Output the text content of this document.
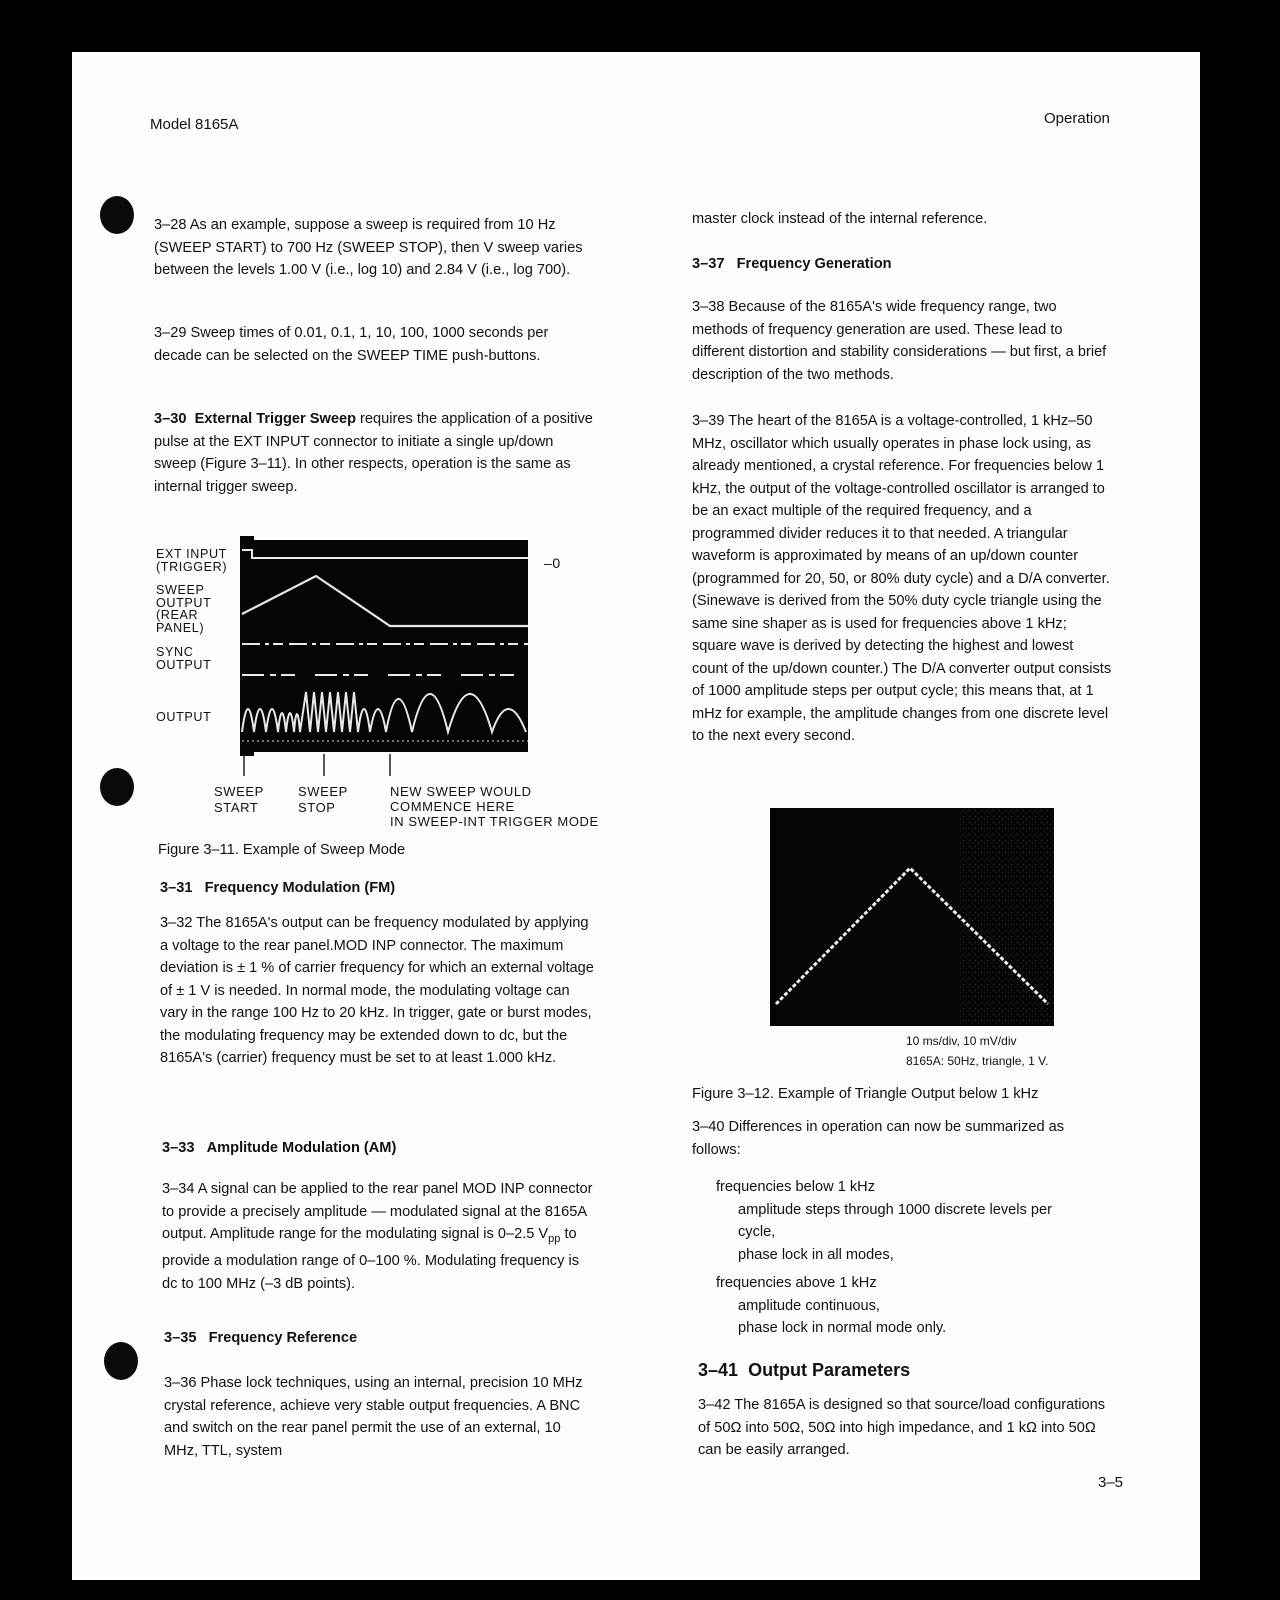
Model 8165A	Operation

3–28 As an example, suppose a sweep is required from 10 Hz (SWEEP START) to 700 Hz (SWEEP STOP), then V sweep varies between the levels 1.00 V (i.e., log 10) and 2.84 V (i.e., log 700).

3–29 Sweep times of 0.01, 0.1, 1, 10, 100, 1000 seconds per decade can be selected on the SWEEP TIME push-buttons.

3–30 External Trigger Sweep requires the application of a positive pulse at the EXT INPUT connector to initiate a single up/down sweep (Figure 3–11). In other respects, operation is the same as internal trigger sweep.

EXT INPUT
(TRIGGER)
SWEEP
OUTPUT
(REAR
PANEL)
SYNC
OUTPUT
OUTPUT
–0
SWEEP
START
SWEEP
STOP
NEW SWEEP WOULD
COMMENCE HERE
IN SWEEP-INT TRIGGER MODE
Figure 3–11. Example of Sweep Mode
3–31 Frequency Modulation (FM)

3–32 The 8165A's output can be frequency modulated by applying a voltage to the rear panel.MOD INP connector. The maximum deviation is ± 1 % of carrier frequency for which an external voltage of ± 1 V is needed. In normal mode, the modulating voltage can vary in the range 100 Hz to 20 kHz. In trigger, gate or burst modes, the modulating frequency may be extended down to dc, but the 8165A's (carrier) frequency must be set to at least 1.000 kHz.

3–33 Amplitude Modulation (AM)

3–34 A signal can be applied to the rear panel MOD INP connector to provide a precisely amplitude — modulated signal at the 8165A output. Amplitude range for the modulating signal is 0–2.5 $V_{pp}$ to provide a modulation range of 0–100 %. Modulating frequency is dc to 100 MHz (–3 dB points).

3–35 Frequency Reference

3–36 Phase lock techniques, using an internal, precision 10 MHz crystal reference, achieve very stable output frequencies. A BNC and switch on the rear panel permit the use of an external, 10 MHz, TTL, system

master clock instead of the internal reference.
3–37 Frequency Generation

3–38 Because of the 8165A's wide frequency range, two methods of frequency generation are used. These lead to different distortion and stability considerations — but first, a brief description of the two methods.

3–39 The heart of the 8165A is a voltage-controlled, 1 kHz–50 MHz, oscillator which usually operates in phase lock using, as already mentioned, a crystal reference. For frequencies below 1 kHz, the output of the voltage-controlled oscillator is arranged to be an exact multiple of the required frequency, and a programmed divider reduces it to that needed. A triangular waveform is approximated by means of an up/down counter (programmed for 20, 50, or 80% duty cycle) and a D/A converter. (Sinewave is derived from the 50% duty cycle triangle using the same sine shaper as is used for frequencies above 1 kHz; square wave is derived by detecting the highest and lowest count of the up/down counter.) The D/A converter output consists of 1000 amplitude steps per output cycle; this means that, at 1 mHz for example, the amplitude changes from one discrete level to the next every second.

10 ms/div, 10 mV/div
8165A: 50Hz, triangle, 1 V.
Figure 3–12. Example of Triangle Output below 1 kHz

3–40 Differences in operation can now be summarized as follows:

frequencies below 1 kHz
amplitude steps through 1000 discrete levels per
cycle,
phase lock in all modes,
frequencies above 1 kHz
amplitude continuous,
phase lock in normal mode only.
3–41 Output Parameters

3–42 The 8165A is designed so that source/load configurations of 50Ω into 50Ω, 50Ω into high impedance, and 1 kΩ into 50Ω can be easily arranged.

3–5
